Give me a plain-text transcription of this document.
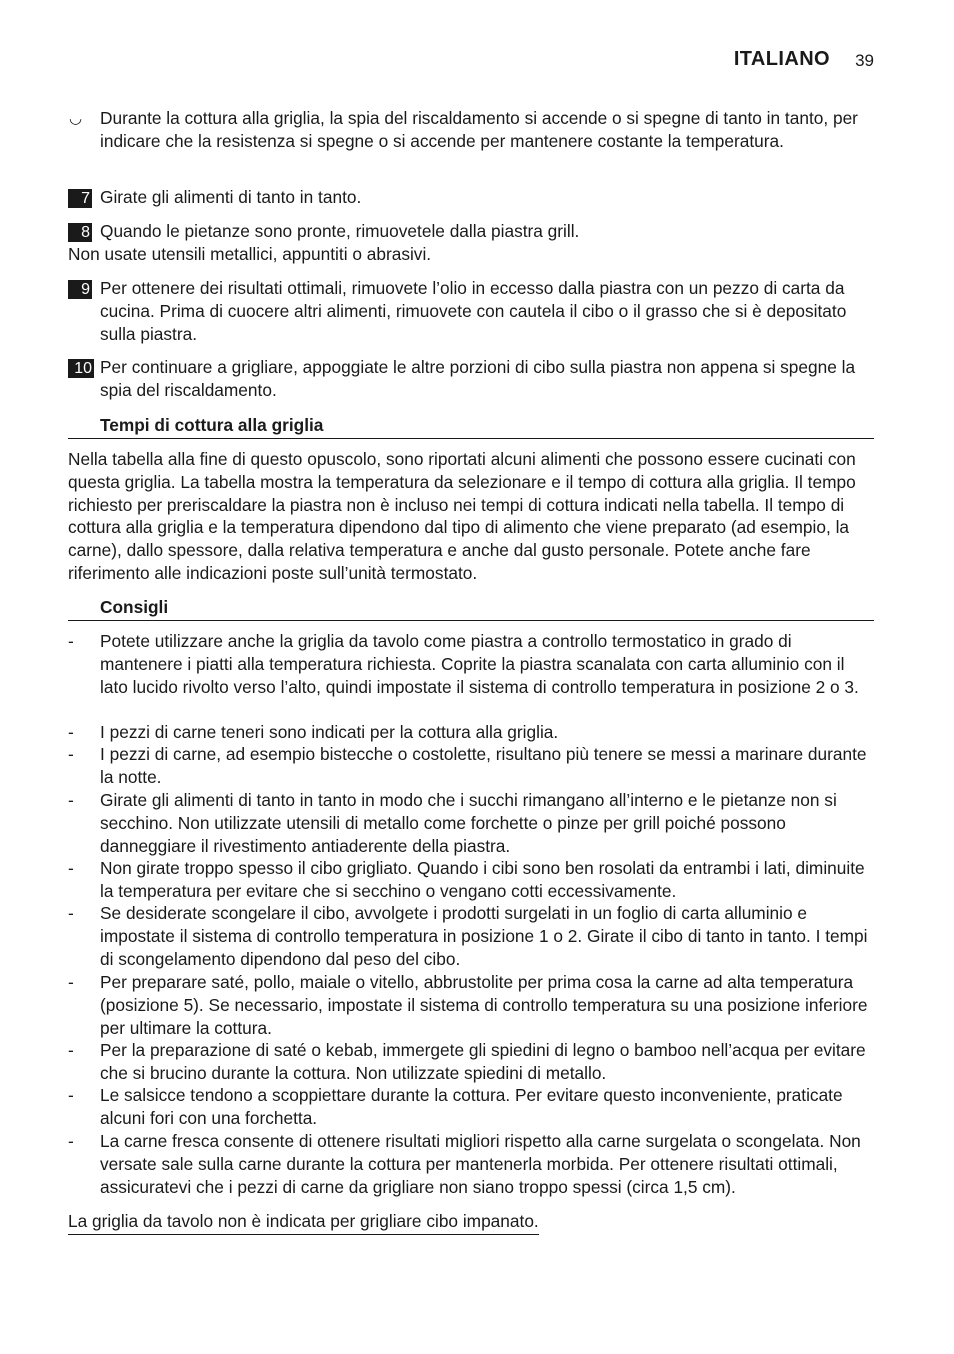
ITALIANO 39
◡ Durante la cottura alla griglia, la spia del riscaldamento si accende o si spegne di tanto in tanto, per indicare che la resistenza si spegne o si accende per mantenere costante la temperatura.
7 Girate gli alimenti di tanto in tanto.
8 Quando le pietanze sono pronte, rimuovetele dalla piastra grill.
Non usate utensili metallici, appuntiti o abrasivi.
9 Per ottenere dei risultati ottimali, rimuovete l’olio in eccesso dalla piastra con un pezzo di carta da cucina. Prima di cuocere altri alimenti, rimuovete con cautela il cibo o il grasso che si è depositato sulla piastra.
10 Per continuare a grigliare, appoggiate le altre porzioni di cibo sulla piastra non appena si spegne la spia del riscaldamento.
Tempi di cottura alla griglia
Nella tabella alla fine di questo opuscolo, sono riportati alcuni alimenti che possono essere cucinati con questa griglia. La tabella mostra la temperatura da selezionare e il tempo di cottura alla griglia. Il tempo richiesto per preriscaldare la piastra non è incluso nei tempi di cottura indicati nella tabella. Il tempo di cottura alla griglia e la temperatura dipendono dal tipo di alimento che viene preparato (ad esempio, la carne), dallo spessore, dalla relativa temperatura e anche dal gusto personale. Potete anche fare riferimento alle indicazioni poste sull’unità termostato.
Consigli
- Potete utilizzare anche la griglia da tavolo come piastra a controllo termostatico in grado di mantenere i piatti alla temperatura richiesta. Coprite la piastra scanalata con carta alluminio con il lato lucido rivolto verso l’alto, quindi impostate il sistema di controllo temperatura in posizione 2 o 3.
- I pezzi di carne teneri sono indicati per la cottura alla griglia.
- I pezzi di carne, ad esempio bistecche o costolette, risultano più tenere se messi a marinare durante la notte.
- Girate gli alimenti di tanto in tanto in modo che i succhi rimangano all’interno e le pietanze non si secchino. Non utilizzate utensili di metallo come forchette o pinze per grill poiché possono danneggiare il rivestimento antiaderente della piastra.
- Non girate troppo spesso il cibo grigliato. Quando i cibi sono ben rosolati da entrambi i lati, diminuite la temperatura per evitare che si secchino o vengano cotti eccessivamente.
- Se desiderate scongelare il cibo, avvolgete i prodotti surgelati in un foglio di carta alluminio e impostate il sistema di controllo temperatura in posizione 1 o 2. Girate il cibo di tanto in tanto. I tempi di scongelamento dipendono dal peso del cibo.
- Per preparare saté, pollo, maiale o vitello, abbrustolite per prima cosa la carne ad alta temperatura (posizione 5). Se necessario, impostate il sistema di controllo temperatura su una posizione inferiore per ultimare la cottura.
- Per la preparazione di saté o kebab, immergete gli spiedini di legno o bamboo nell’acqua per evitare che si brucino durante la cottura. Non utilizzate spiedini di metallo.
- Le salsicce tendono a scoppiettare durante la cottura. Per evitare questo inconveniente, praticate alcuni fori con una forchetta.
- La carne fresca consente di ottenere risultati migliori rispetto alla carne surgelata o scongelata. Non versate sale sulla carne durante la cottura per mantenerla morbida. Per ottenere risultati ottimali, assicuratevi che i pezzi di carne da grigliare non siano troppo spessi (circa 1,5 cm).
La griglia da tavolo non è indicata per grigliare cibo impanato.
